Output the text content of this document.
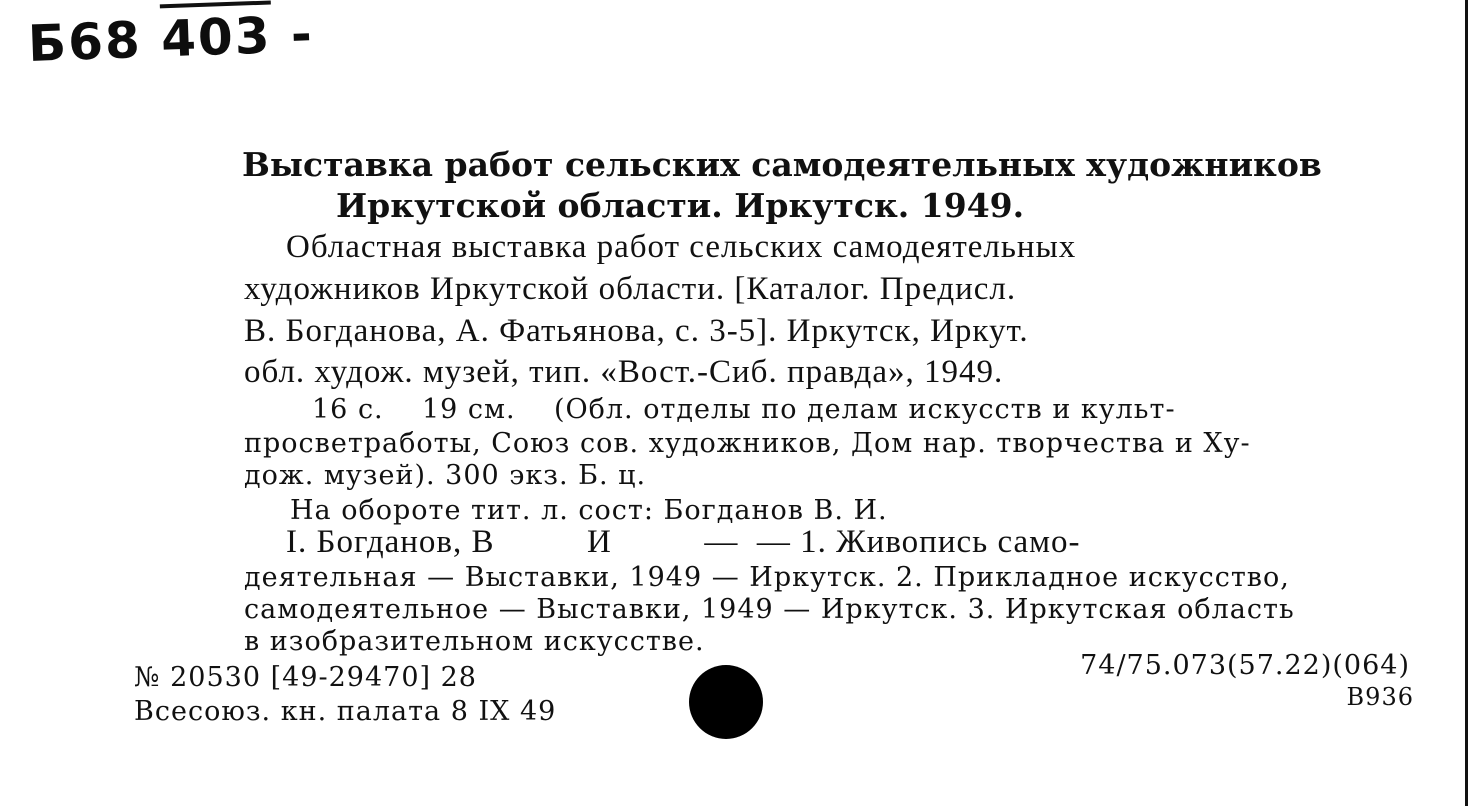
Б68 403 -
Выставка работ сельских самодеятельных художников
Иркутской области. Иркутск. 1949.
Областная выставка работ сельских самодеятельных
художников Иркутской области. [Каталог. Предисл.
В. Богданова, А. Фатьянова, с. 3-5]. Иркутск, Иркут.
обл. худож. музей, тип. «Вост.-Сиб. правда», 1949.
16 с.    19 см.    (Обл. отделы по делам искусств и культ-
просветработы, Союз сов. художников, Дом нар. творчества и Ху-
дож. музей). 300 экз. Б. ц.
На обороте тит. л. сост: Богданов В. И.
I. Богданов, В          И          —  — 1. Живопись само-
деятельная — Выставки, 1949 — Иркутск. 2. Прикладное искусство,
самодеятельное — Выставки, 1949 — Иркутск. 3. Иркутская область
в изобразительном искусстве.
№ 20530 [49-29470] 28
Всесоюз. кн. палата 8 IX 49
74/75.073(57.22)(064)
В936
